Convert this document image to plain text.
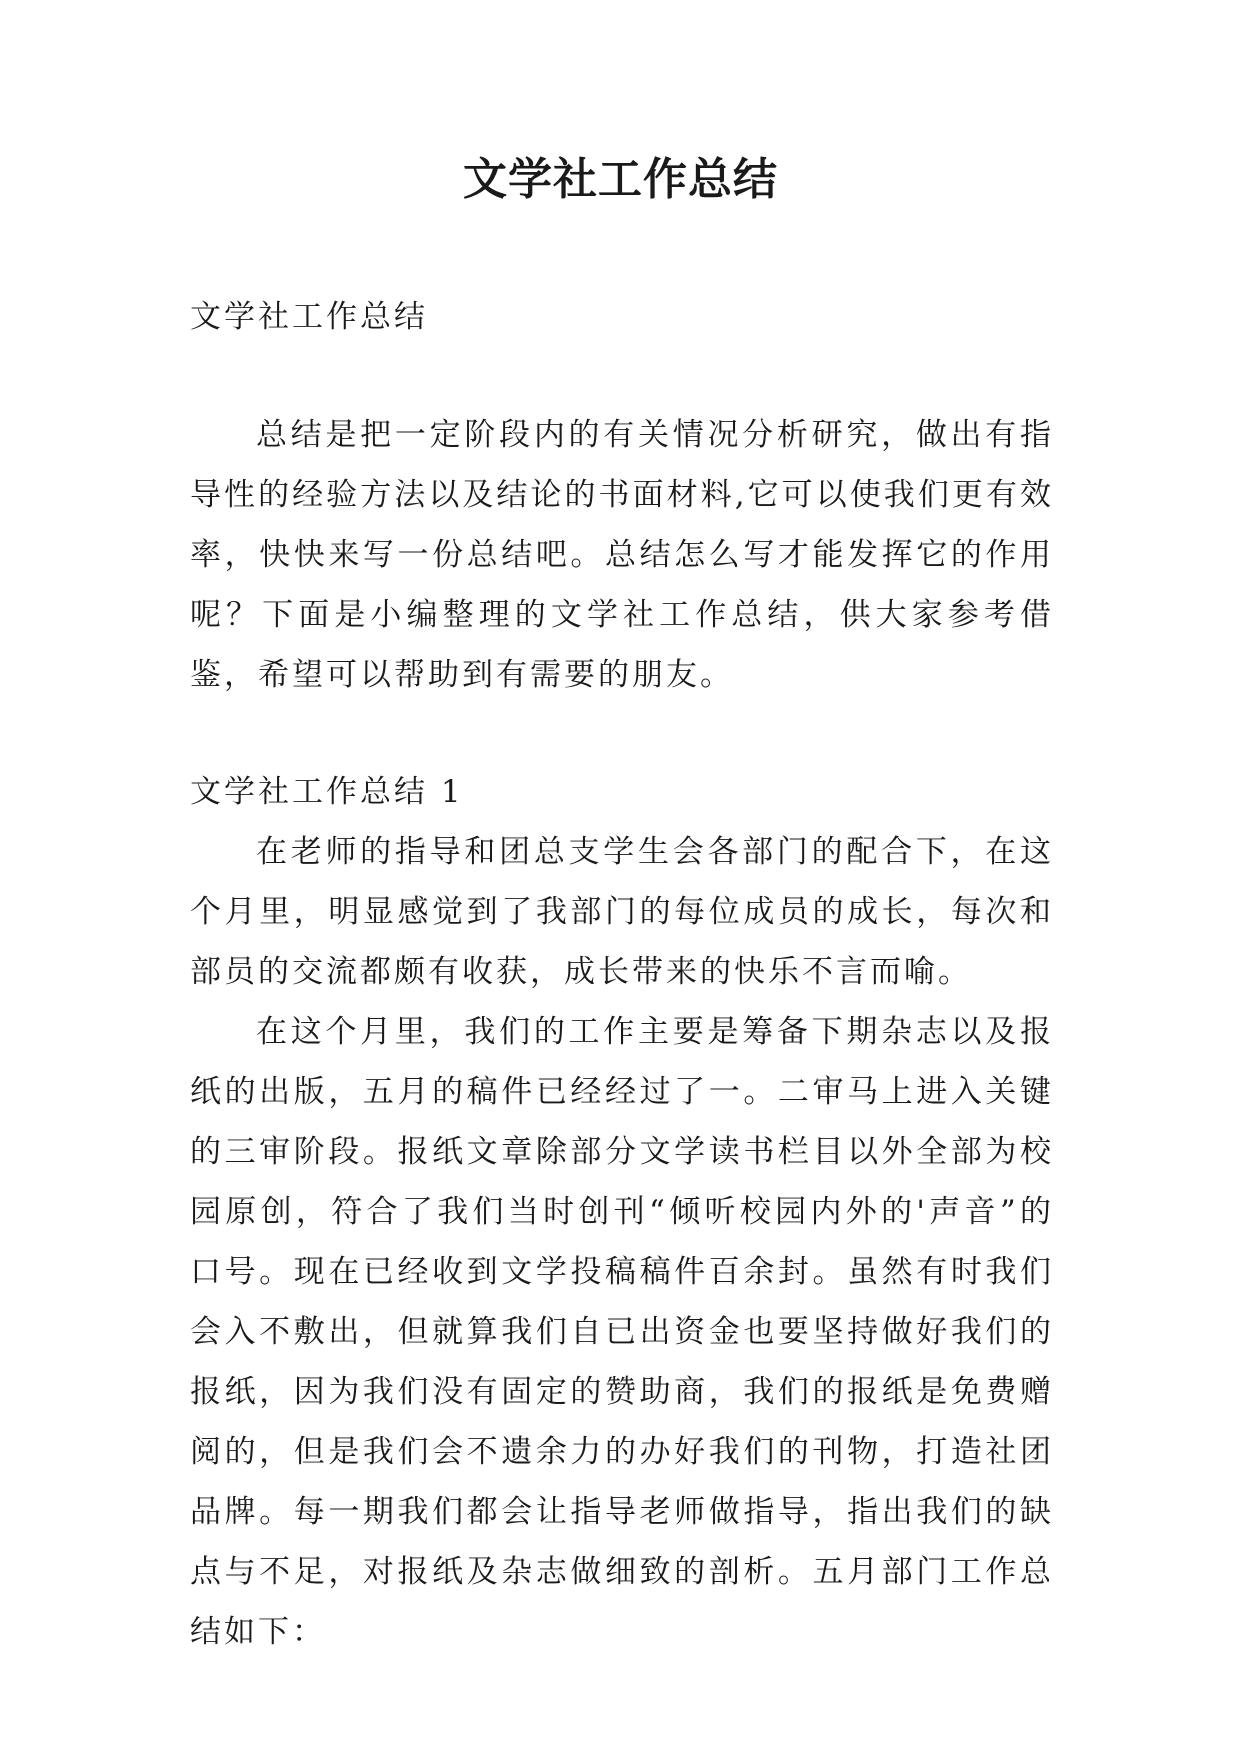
文学社工作总结
文学社工作总结
总结是把一定阶段内的有关情况分析研究，做出有指导性的经验方法以及结论的书面材料,它可以使我们更有效率，快快来写一份总结吧。总结怎么写才能发挥它的作用呢？下面是小编整理的文学社工作总结，供大家参考借鉴，希望可以帮助到有需要的朋友。
文学社工作总结 1
在老师的指导和团总支学生会各部门的配合下，在这个月里，明显感觉到了我部门的每位成员的成长，每次和部员的交流都颇有收获，成长带来的快乐不言而喻。
在这个月里，我们的工作主要是筹备下期杂志以及报纸的出版，五月的稿件已经经过了一。二审马上进入关键的三审阶段。报纸文章除部分文学读书栏目以外全部为校园原创，符合了我们当时创刊“倾听校园内外的'声音”的口号。现在已经收到文学投稿稿件百余封。虽然有时我们会入不敷出，但就算我们自已出资金也要坚持做好我们的报纸，因为我们没有固定的赞助商，我们的报纸是免费赠阅的，但是我们会不遗余力的办好我们的刊物，打造社团品牌。每一期我们都会让指导老师做指导，指出我们的缺点与不足，对报纸及杂志做细致的剖析。五月部门工作总结如下：
